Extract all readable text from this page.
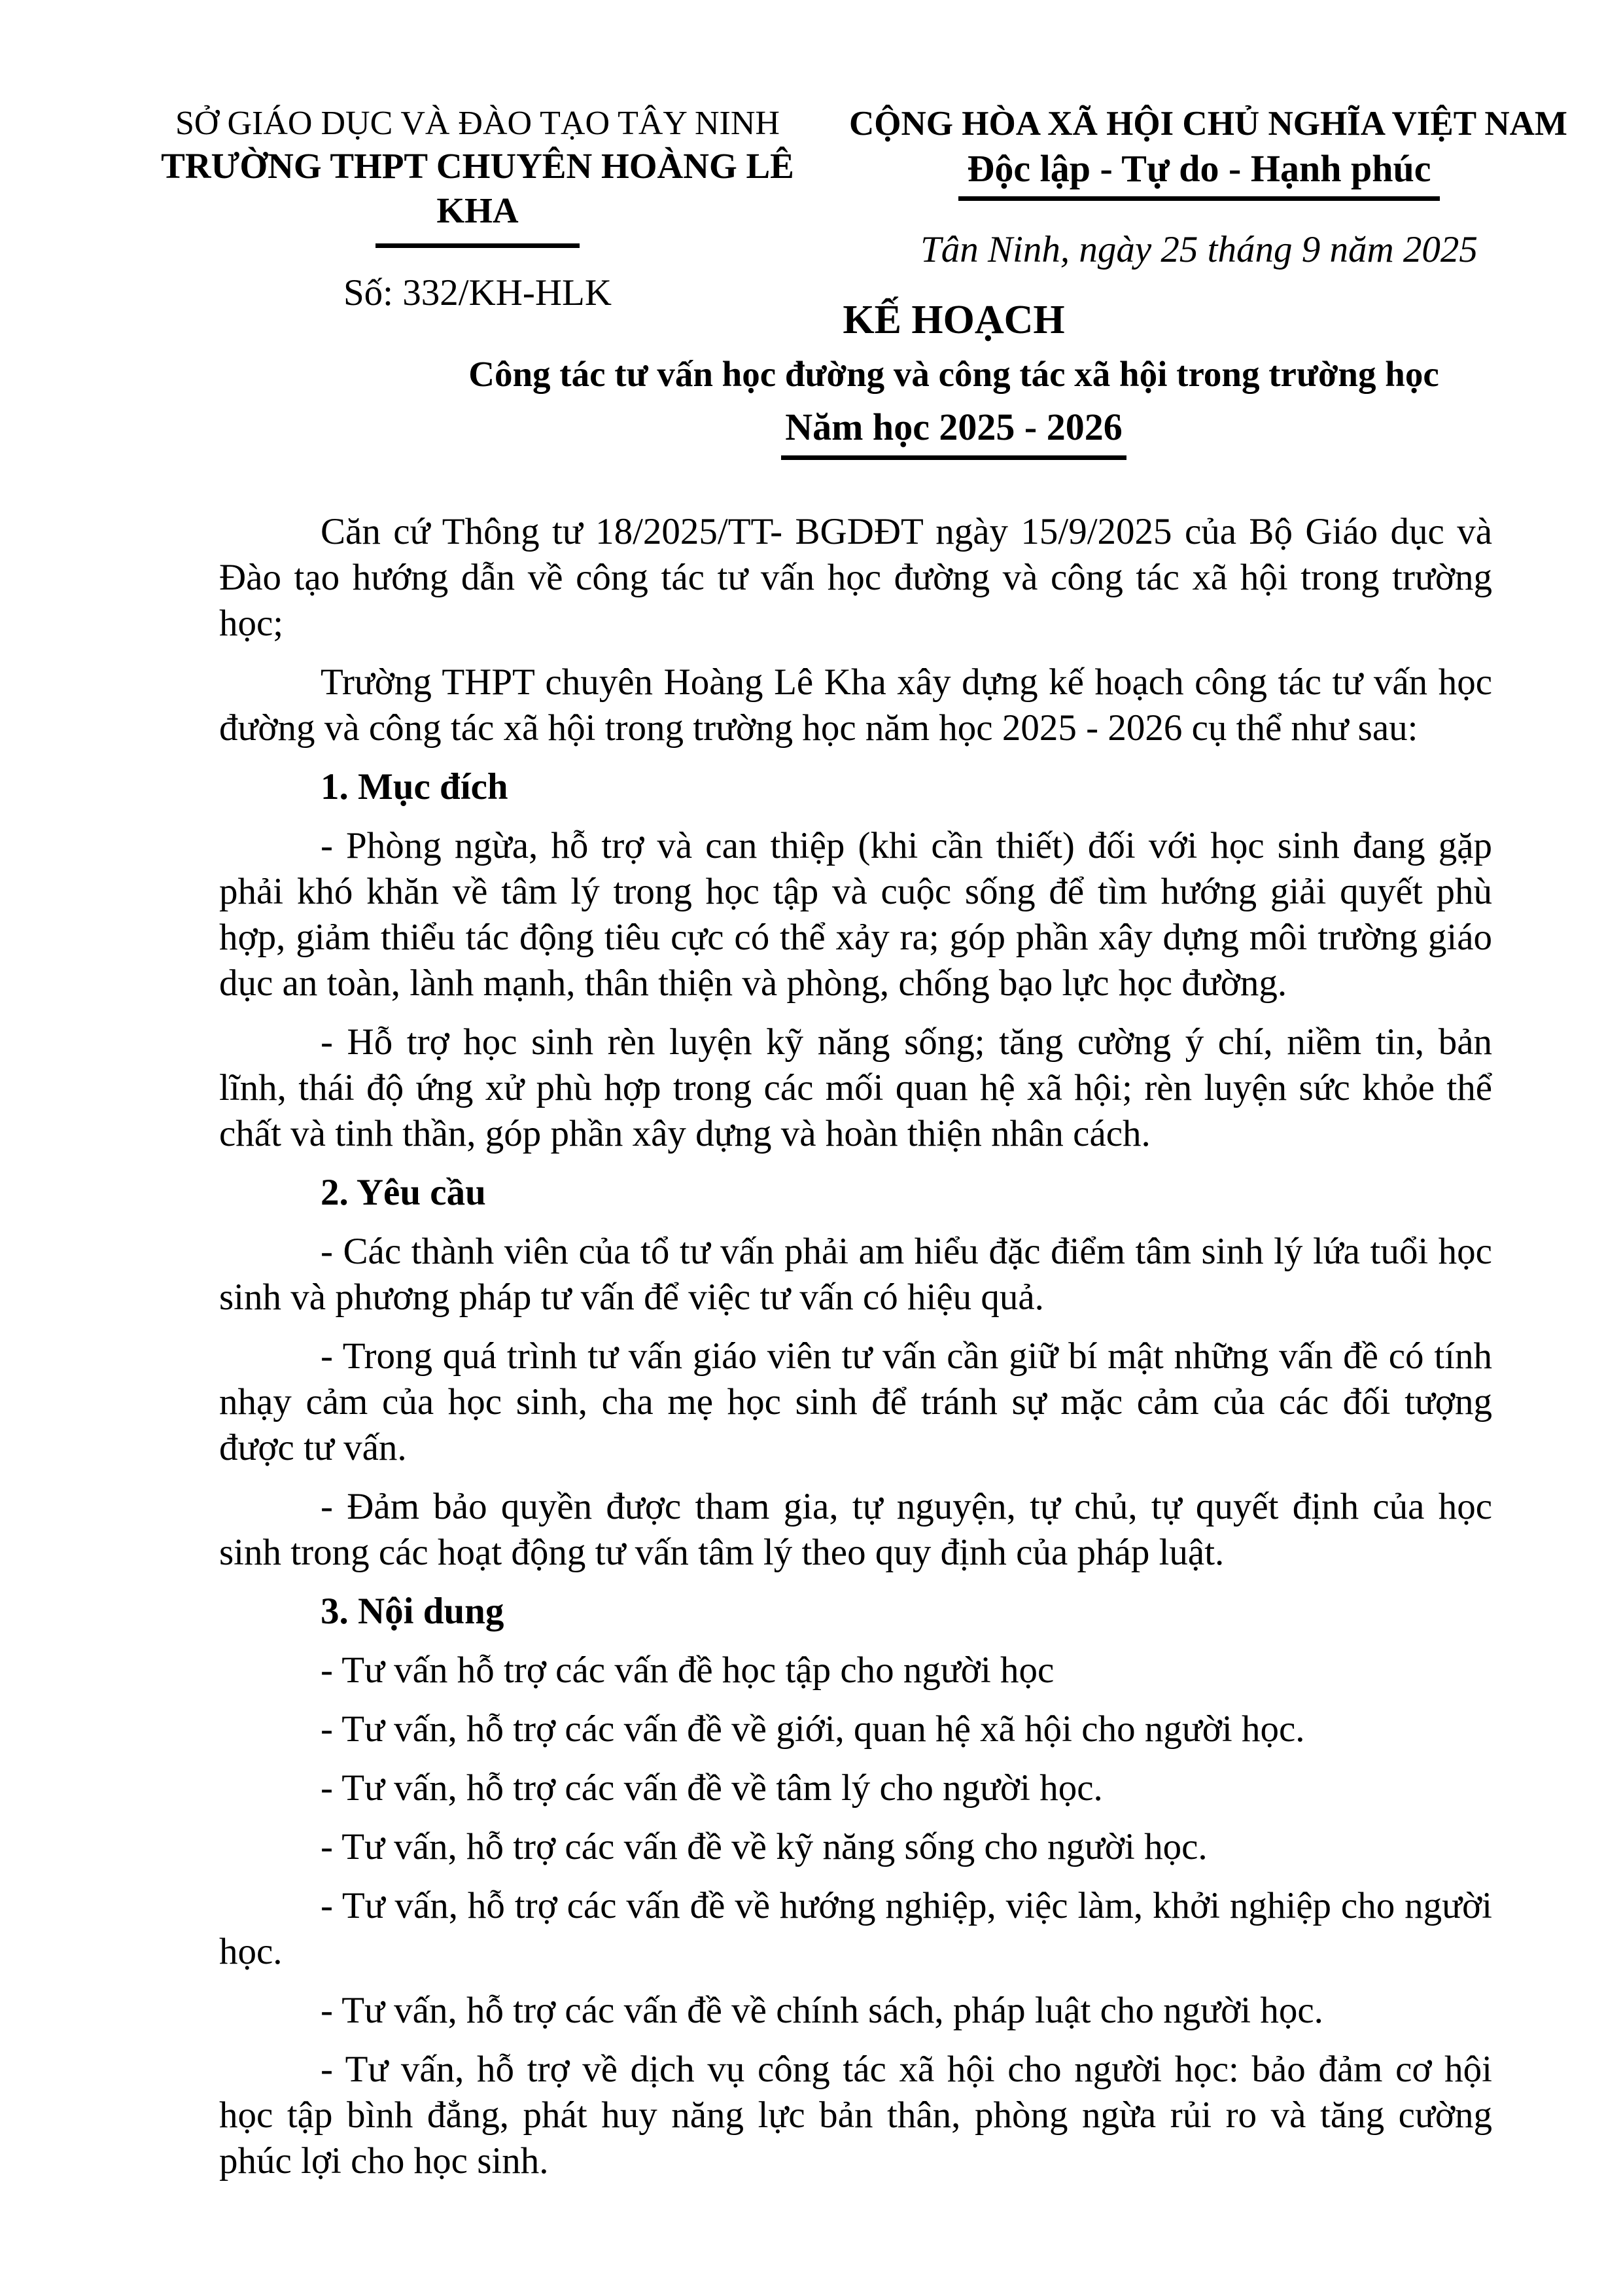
SỞ GIÁO DỤC VÀ ĐÀO TẠO TÂY NINH
TRƯỜNG THPT CHUYÊN HOÀNG LÊ KHA
Số: 332/KH-HLK
CỘNG HÒA XÃ HỘI CHỦ NGHĨA VIỆT NAM
Độc lập - Tự do - Hạnh phúc
Tân Ninh, ngày 25 tháng 9 năm 2025
KẾ HOẠCH
Công tác tư vấn học đường và công tác xã hội trong trường học
Năm học 2025 - 2026

Căn cứ Thông tư 18/2025/TT- BGDĐT ngày 15/9/2025 của Bộ Giáo dục và Đào tạo hướng dẫn về công tác tư vấn học đường và công tác xã hội trong trường học;

Trường THPT chuyên Hoàng Lê Kha xây dựng kế hoạch công tác tư vấn học đường và công tác xã hội trong trường học năm học 2025 - 2026 cụ thể như sau:

1. Mục đích

- Phòng ngừa, hỗ trợ và can thiệp (khi cần thiết) đối với học sinh đang gặp phải khó khăn về tâm lý trong học tập và cuộc sống để tìm hướng giải quyết phù hợp, giảm thiểu tác động tiêu cực có thể xảy ra; góp phần xây dựng môi trường giáo dục an toàn, lành mạnh, thân thiện và phòng, chống bạo lực học đường.

- Hỗ trợ học sinh rèn luyện kỹ năng sống; tăng cường ý chí, niềm tin, bản lĩnh, thái độ ứng xử phù hợp trong các mối quan hệ xã hội; rèn luyện sức khỏe thể chất và tinh thần, góp phần xây dựng và hoàn thiện nhân cách.

2. Yêu cầu

- Các thành viên của tổ tư vấn phải am hiểu đặc điểm tâm sinh lý lứa tuổi học sinh và phương pháp tư vấn để việc tư vấn có hiệu quả.

- Trong quá trình tư vấn giáo viên tư vấn cần giữ bí mật những vấn đề có tính nhạy cảm của học sinh, cha mẹ học sinh để tránh sự mặc cảm của các đối tượng được tư vấn.

- Đảm bảo quyền được tham gia, tự nguyện, tự chủ, tự quyết định của học sinh trong các hoạt động tư vấn tâm lý theo quy định của pháp luật.

3. Nội dung

- Tư vấn hỗ trợ các vấn đề học tập cho người học

- Tư vấn, hỗ trợ các vấn đề về giới, quan hệ xã hội cho người học.

- Tư vấn, hỗ trợ các vấn đề về tâm lý cho người học.

- Tư vấn, hỗ trợ các vấn đề về kỹ năng sống cho người học.

- Tư vấn, hỗ trợ các vấn đề về hướng nghiệp, việc làm, khởi nghiệp cho người học.

- Tư vấn, hỗ trợ các vấn đề về chính sách, pháp luật cho người học.

- Tư vấn, hỗ trợ về dịch vụ công tác xã hội cho người học: bảo đảm cơ hội học tập bình đẳng, phát huy năng lực bản thân, phòng ngừa rủi ro và tăng cường phúc lợi cho học sinh.
